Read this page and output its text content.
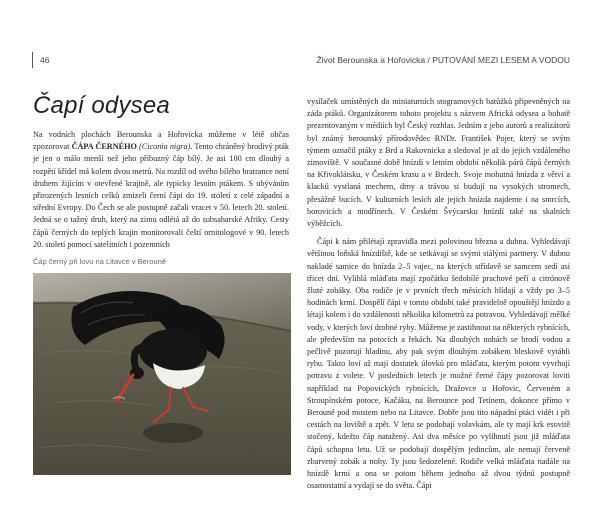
46	Život Berounska a Hořovicka / PUTOVÁNÍ MEZI LESEM A VODOU
Čapí odysea

Na vodních plochách Berounska a Hořovicka můžeme v létě občas zpozorovat ČÁPA ČERNÉHO (Ciconia nigra). Tento chráněný brodivý pták je jen o málo menší než jeho příbuzný čáp bílý. Je asi 100 cm dlouhý a rozpětí křídel má kolem dvou metrů. Na rozdíl od svého bílého bratrance není druhem žijícím v otevřené krajině, ale typicky lesním ptákem. S ubýváním přirozených lesních celků zmizeli černí čápi do 19. století z celé západní a střední Evropy. Do Čech se ale postupně začali vracet v 50. letech 20. století. Jedná se o tažný druh, který na zimu odlétá až do subsaharské Afriky. Cesty čápů černých do teplých krajin monitorovali čeští ornitologové v 90. letech 20. století pomocí satelitních i pozemních

Čáp černý při lovu na Litavce v Berouně

vysílaček umístěných do miniaturních stogramových batůžků připevněných na záda ptáků. Organizátorem tohoto projektu s názvem Africká odysea a bohatě prezentovaným v médiích byl Český rozhlas. Jedním z jeho autorů a realizátorů byl známý berounský přírodovědec RNDr. František Pojer, který se svým týmem označil ptáky z Brd a Rakovnicka a sledoval je až do jejich vzdáleného zimoviště. V současné době hnízdí v letním období několik párů čápů černých na Křivoklátsku, v Českém krasu a v Brdech. Svoje mohutná hnízda z větví a klacků vystlaná mechem, drny a trávou si budují na vysokých stromech, přesážně bucích. V kulturních lesích ale jejich hnízda najdeme i na smrcích, borovicích a modřínech. V Českém Švýcarsku hnízdí také na skalních výběžcích.

Čápi k nám přilétají zpravidla mezi polovinou března a dubna. Vyhledávají většinou loňská hnízdiště, kde se setkávají se svými stálými partnery. V dubnu nakladé samice do hnízda 2–5 vajec, na kterých střídavě se samcem sedí asi třicet dní. Vylíhlá mláďata mají zpočátku šedobílé prachové peří a citrónově žluté zobáky. Oba rodiče je v prvních třech měsících hlídají a vždy po 3–5 hodinách krmí. Dospělí čápi v tomto období také pravidelně opouštějí hnízdo a létají kolem i do vzdálenosti několika kilometrů za potravou. Vyhledávají mělké vody, v kterých loví drobné ryby. Můžeme je zastihnout na některých rybnících, ale především na potocích a řekách. Na dlouhých nohách se brodí vodou a pečlivě pozorují hladinu, aby pak svým dlouhým zobákem bleskově vytáhli rybu. Takto loví až mají dostatek úlovků pro mláďata, kterým potom vyvrhují potravu z volete. V posledních letech je možné černé čápy pozorovat loviti například na Popovických rybnících, Dražovce u Hořovic, Červeném a Stroupínském potoce, Kačáku, na Berounce pod Tetínem, dokonce přímo v Berouně pod mostem nebo na Litavce. Dobře jsou tito nápadní ptáci vidět i při cestách na loviště a zpět. V letu se podobají volavkám, ale ty mají krk esovitě stočený, kdežto čáp natažený. Asi dva měsíce po vylíhnutí jsou již mláďata čápů schopna letu. Už se podobají dospělým jedincům, ale nemají červeně zbarvený zobák a nohy. Ty jsou šedozelené. Rodiče velká mláďata nadále na hnízdě krmí a ona se potom během jednoho až dvou týdnů postupně osamostatní a vydají se do světa. Čápi
